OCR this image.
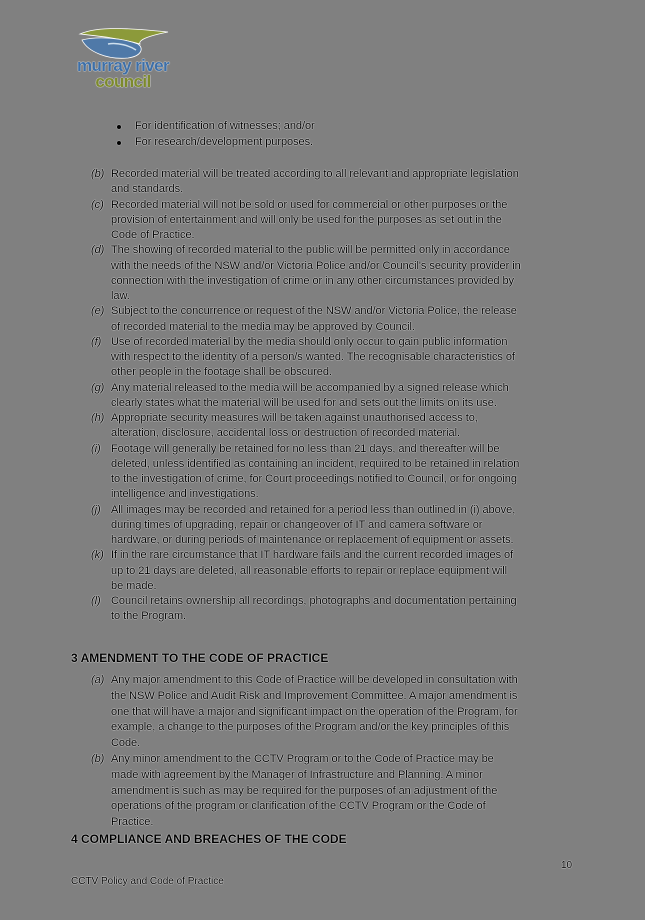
murray river
council
For identification of witnesses; and/or
For research/development purposes.
(b) Recorded material will be treated according to all relevant and appropriate legislation
and standards.
(c) Recorded material will not be sold or used for commercial or other purposes or the
provision of entertainment and will only be used for the purposes as set out in the
Code of Practice.
(d) The showing of recorded material to the public will be permitted only in accordance
with the needs of the NSW and/or Victoria Police and/or Council's security provider in
connection with the investigation of crime or in any other circumstances provided by
law.
(e) Subject to the concurrence or request of the NSW and/or Victoria Police, the release
of recorded material to the media may be approved by Council.
(f) Use of recorded material by the media should only occur to gain public information
with respect to the identity of a person/s wanted. The recognisable characteristics of
other people in the footage shall be obscured.
(g) Any material released to the media will be accompanied by a signed release which
clearly states what the material will be used for and sets out the limits on its use.
(h) Appropriate security measures will be taken against unauthorised access to,
alteration, disclosure, accidental loss or destruction of recorded material.
(i) Footage will generally be retained for no less than 21 days, and thereafter will be
deleted, unless identified as containing an incident, required to be retained in relation
to the investigation of crime, for Court proceedings notified to Council, or for ongoing
intelligence and investigations.
(j) All images may be recorded and retained for a period less than outlined in (i) above,
during times of upgrading, repair or changeover of IT and camera software or
hardware, or during periods of maintenance or replacement of equipment or assets.
(k) If in the rare circumstance that IT hardware fails and the current recorded images of
up to 21 days are deleted, all reasonable efforts to repair or replace equipment will
be made.
(l) Council retains ownership all recordings, photographs and documentation pertaining
to the Program.
3 AMENDMENT TO THE CODE OF PRACTICE
(a) Any major amendment to this Code of Practice will be developed in consultation with
the NSW Police and Audit Risk and Improvement Committee. A major amendment is
one that will have a major and significant impact on the operation of the Program, for
example, a change to the purposes of the Program and/or the key principles of this
Code.
(b) Any minor amendment to the CCTV Program or to the Code of Practice may be
made with agreement by the Manager of Infrastructure and Planning. A minor
amendment is such as may be required for the purposes of an adjustment of the
operations of the program or clarification of the CCTV Program or the Code of
Practice.
4 COMPLIANCE AND BREACHES OF THE CODE
10
CCTV Policy and Code of Practice
